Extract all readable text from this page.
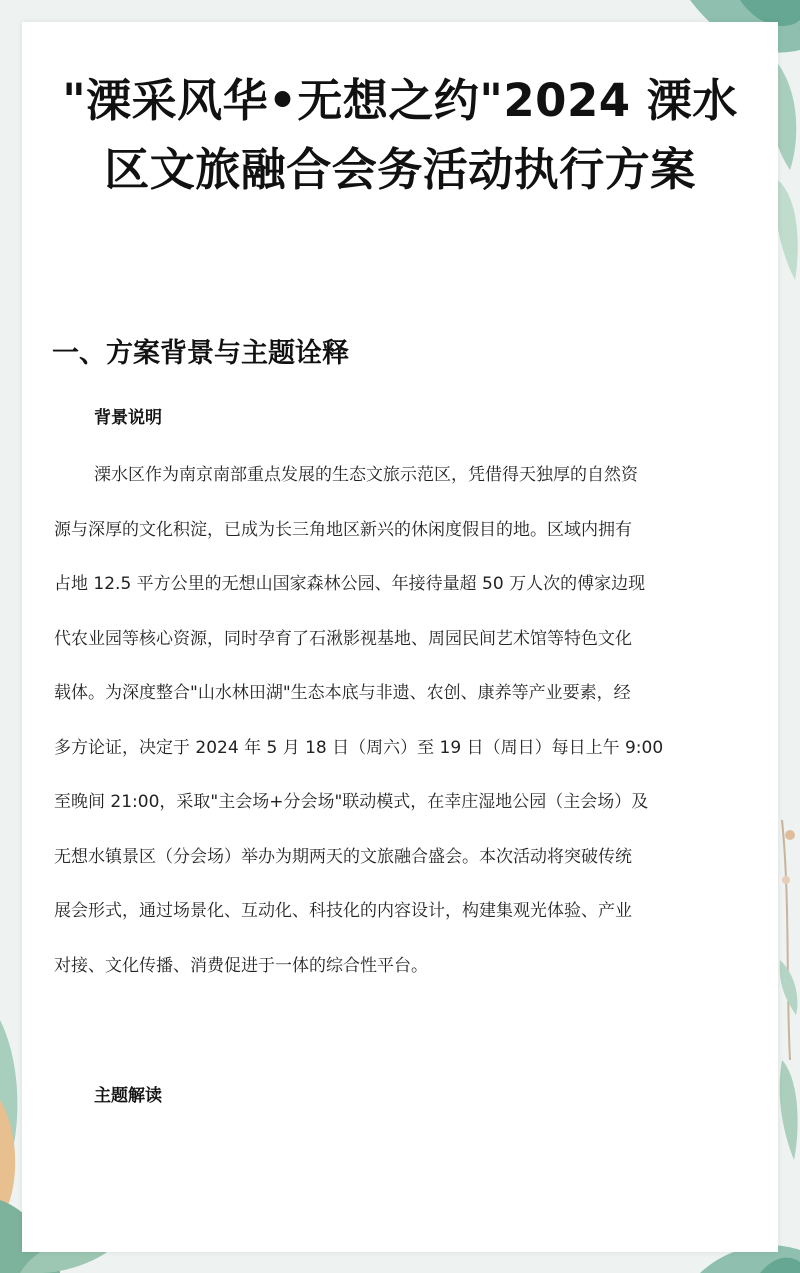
"溧采风华•无想之约"2024 溧水区文旅融合会务活动执行方案
一、方案背景与主题诠释
背景说明

溧水区作为南京南部重点发展的生态文旅示范区，凭借得天独厚的自然资
源与深厚的文化积淀，已成为长三角地区新兴的休闲度假目的地。区域内拥有
占地 12.5 平方公里的无想山国家森林公园、年接待量超 50 万人次的傅家边现
代农业园等核心资源，同时孕育了石湫影视基地、周园民间艺术馆等特色文化
载体。为深度整合"山水林田湖"生态本底与非遗、农创、康养等产业要素，经
多方论证，决定于 2024 年 5 月 18 日（周六）至 19 日（周日）每日上午 9:00
至晚间 21:00，采取"主会场+分会场"联动模式，在幸庄湿地公园（主会场）及
无想水镇景区（分会场）举办为期两天的文旅融合盛会。本次活动将突破传统
展会形式，通过场景化、互动化、科技化的内容设计，构建集观光体验、产业
对接、文化传播、消费促进于一体的综合性平台。

主题解读
